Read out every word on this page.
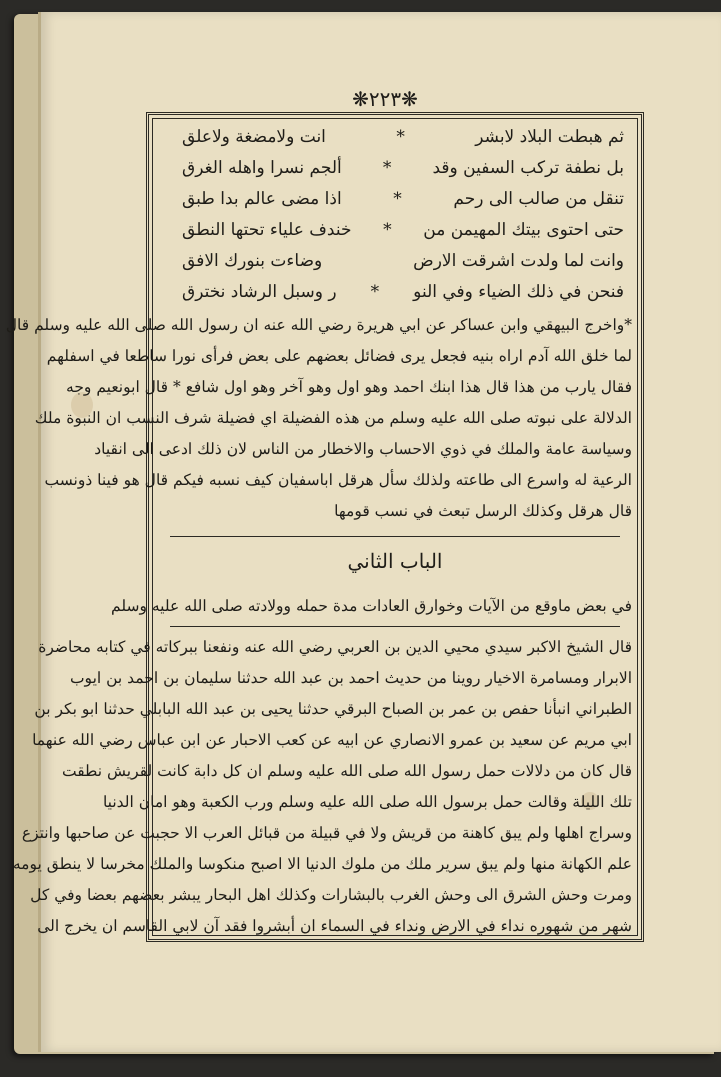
❋٢٢٣❋
ثم هبطت البلاد لابشر
*
انت ولامضغة ولاعلق
بل نطفة تركب السفين وقد
*
ألجم نسرا واهله الغرق
تنقل من صالب الى رحم
*
اذا مضى عالم بدا طبق
حتى احتوى بيتك المهيمن من
*
خندف علياء تحتها النطق
وانت لما ولدت اشرقت الارض
وضاءت بنورك الافق
فنحن في ذلك الضياء وفي النو
*
ر وسبل الرشاد نخترق
*واخرج البيهقي وابن عساكر عن ابي هريرة رضي الله عنه ان رسول الله صلى الله عليه وسلم قال
لما خلق الله آدم اراه بنيه فجعل يرى فضائل بعضهم على بعض فرأى نورا ساطعا في اسفلهم
فقال يارب من هذا قال هذا ابنك احمد وهو اول وهو آخر وهو اول شافع * قال ابونعيم وجه
الدلالة على نبوته صلى الله عليه وسلم من هذه الفضيلة اي فضيلة شرف النسب ان النبوة ملك
وسياسة عامة والملك في ذوي الاحساب والاخطار من الناس لان ذلك ادعى الى انقياد
الرعية له واسرع الى طاعته ولذلك سأل هرقل اباسفيان كيف نسبه فيكم قال هو فينا ذونسب
قال هرقل وكذلك الرسل تبعث في نسب قومها
الباب الثاني
في بعض ماوقع من الآيات وخوارق العادات مدة حمله وولادته صلى الله عليه وسلم
قال الشيخ الاكبر سيدي محيي الدين بن العربي رضي الله عنه ونفعنا ببركاته في كتابه محاضرة
الابرار ومسامرة الاخيار روينا من حديث احمد بن عبد الله حدثنا سليمان بن احمد بن ايوب
الطبراني انبأنا حفص بن عمر بن الصباح البرقي حدثنا يحيى بن عبد الله البابلي حدثنا ابو بكر بن
ابي مريم عن سعيد بن عمرو الانصاري عن ابيه عن كعب الاحبار عن ابن عباس رضي الله عنهما
قال كان من دلالات حمل رسول الله صلى الله عليه وسلم ان كل دابة كانت لقريش نطقت
تلك الليلة وقالت حمل برسول الله صلى الله عليه وسلم ورب الكعبة وهو امان الدنيا
وسراج اهلها ولم يبق كاهنة من قريش ولا في قبيلة من قبائل العرب الا حجبت عن صاحبها وانتزع
علم الكهانة منها ولم يبق سرير ملك من ملوك الدنيا الا اصبح منكوسا والملك مخرسا لا ينطق يومه
ومرت وحش الشرق الى وحش الغرب بالبشارات وكذلك اهل البحار يبشر بعضهم بعضا وفي كل
شهر من شهوره نداء في الارض ونداء في السماء ان أبشروا فقد آن لابي القاسم ان يخرج الى
